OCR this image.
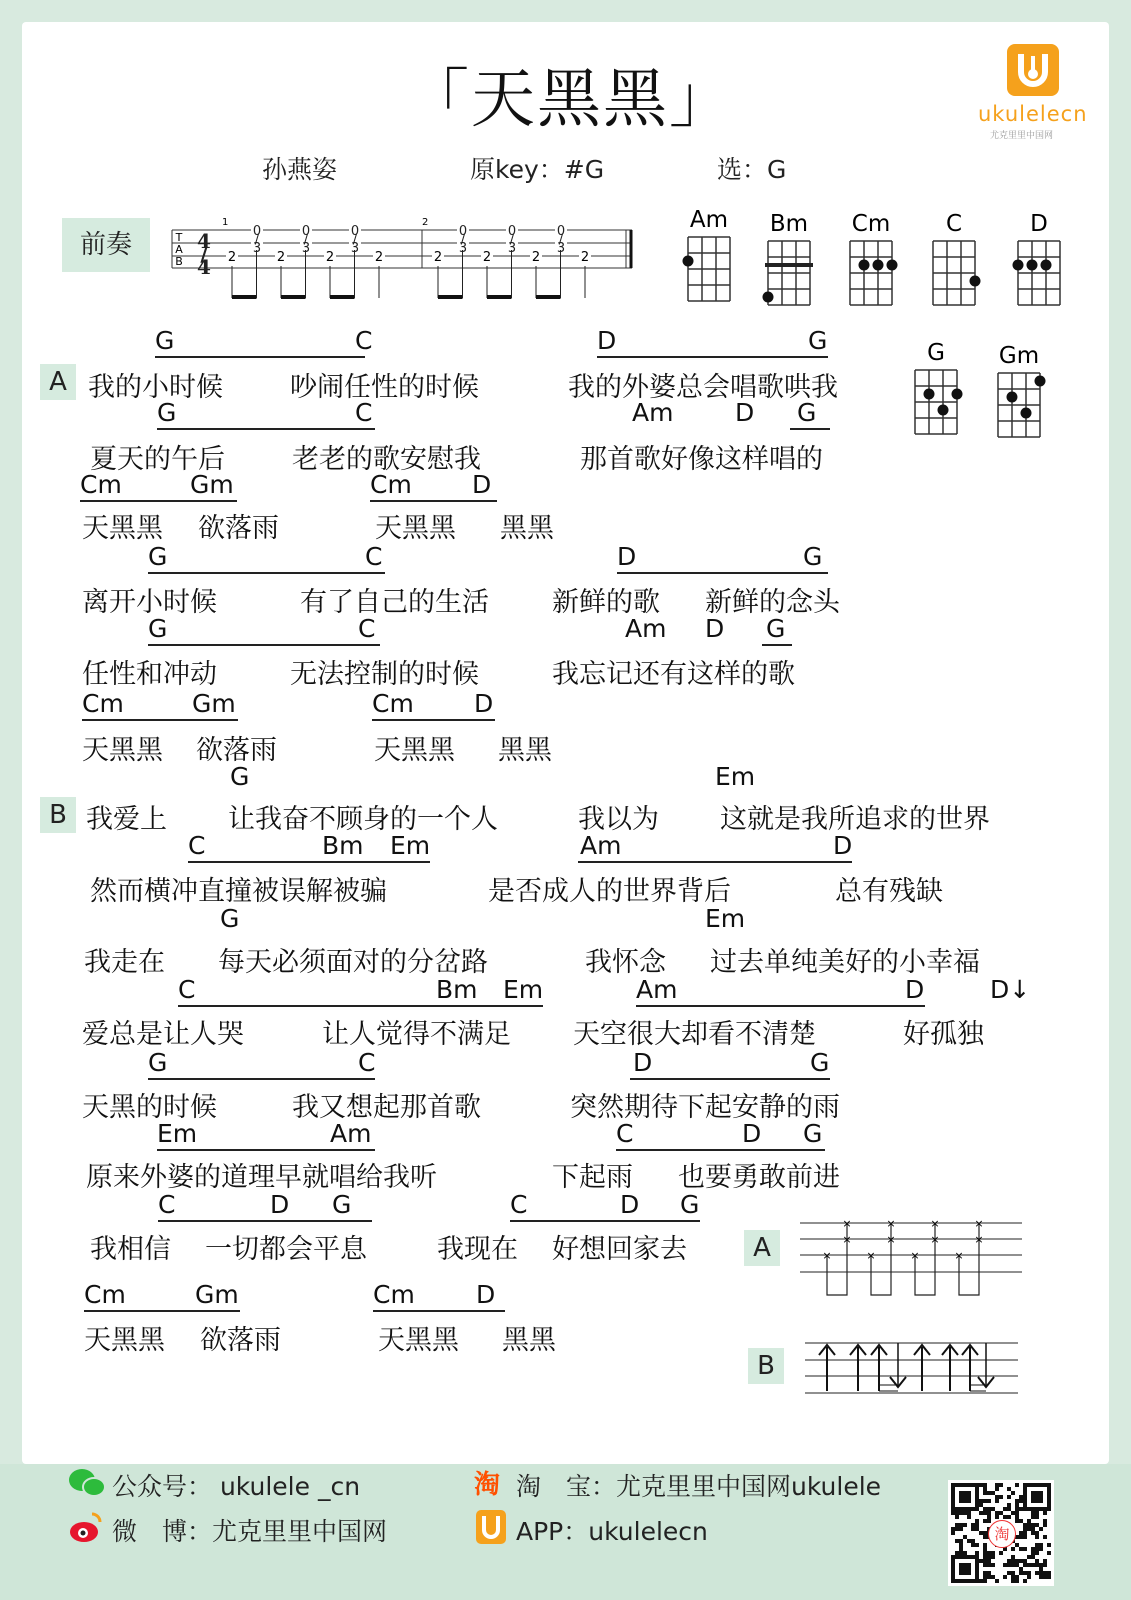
「天黑黑」
孙燕姿	原key：#G	选：G
ukulelecn
尤克里里中国网
前奏	T
A
B
1	2
2	2	2	2	2	2	2	2
4/4	0/3	0/3	0/3	0/3	0/3	0/3
Am Bm Cm C	D
G Gm
G	C	D	G
我的小时候 吵闹任性的时候	我的外婆总会唱歌哄我
G	C	Am D G
夏天的午后 老老的歌安慰我	那首歌好像这样唱的
Cm	Gm	Cm D
天黑黑 欲落雨	天黑黑 黑黑
G	C	D	G
离开小时候	有了自己的生活 新鲜的歌 新鲜的念头
G	C	Am D G
任性和冲动	无法控制的时候	我忘记还有这样的歌
Cm	Gm	Cm D
天黑黑 欲落雨	天黑黑 黑黑
G	Em
我爱上 让我奋不顾身的一个人	我以为 这就是我所追求的世界
C	Bm Em	Am	D
然而横冲直撞被误解被骗	是否成人的世界背后	总有残缺
G	Em
我走在 每天必须面对的分岔路	我怀念 过去单纯美好的小幸福
C	Bm Em	Am	D	D↓
爱总是让人哭	让人觉得不满足 天空很大却看不清楚	好孤独
G	C	D	G
天黑的时候	我又想起那首歌	突然期待下起安静的雨
Em	Am	C	D G
原来外婆的道理早就唱给我听	下起雨 也要勇敢前进
C	D G	C	D G
我相信 一切都会平息	我现在 好想回家去
Cm	Gm	Cm D
天黑黑 欲落雨	天黑黑 黑黑
A
B
A
B
×
×
×
×
×
×
×
×
×
×
×
×
公众号： ukulele _cn	淘 淘　宝：尤克里里中国网ukulele
微　博：尤克里里中国网	APP：ukulelecn	淘
